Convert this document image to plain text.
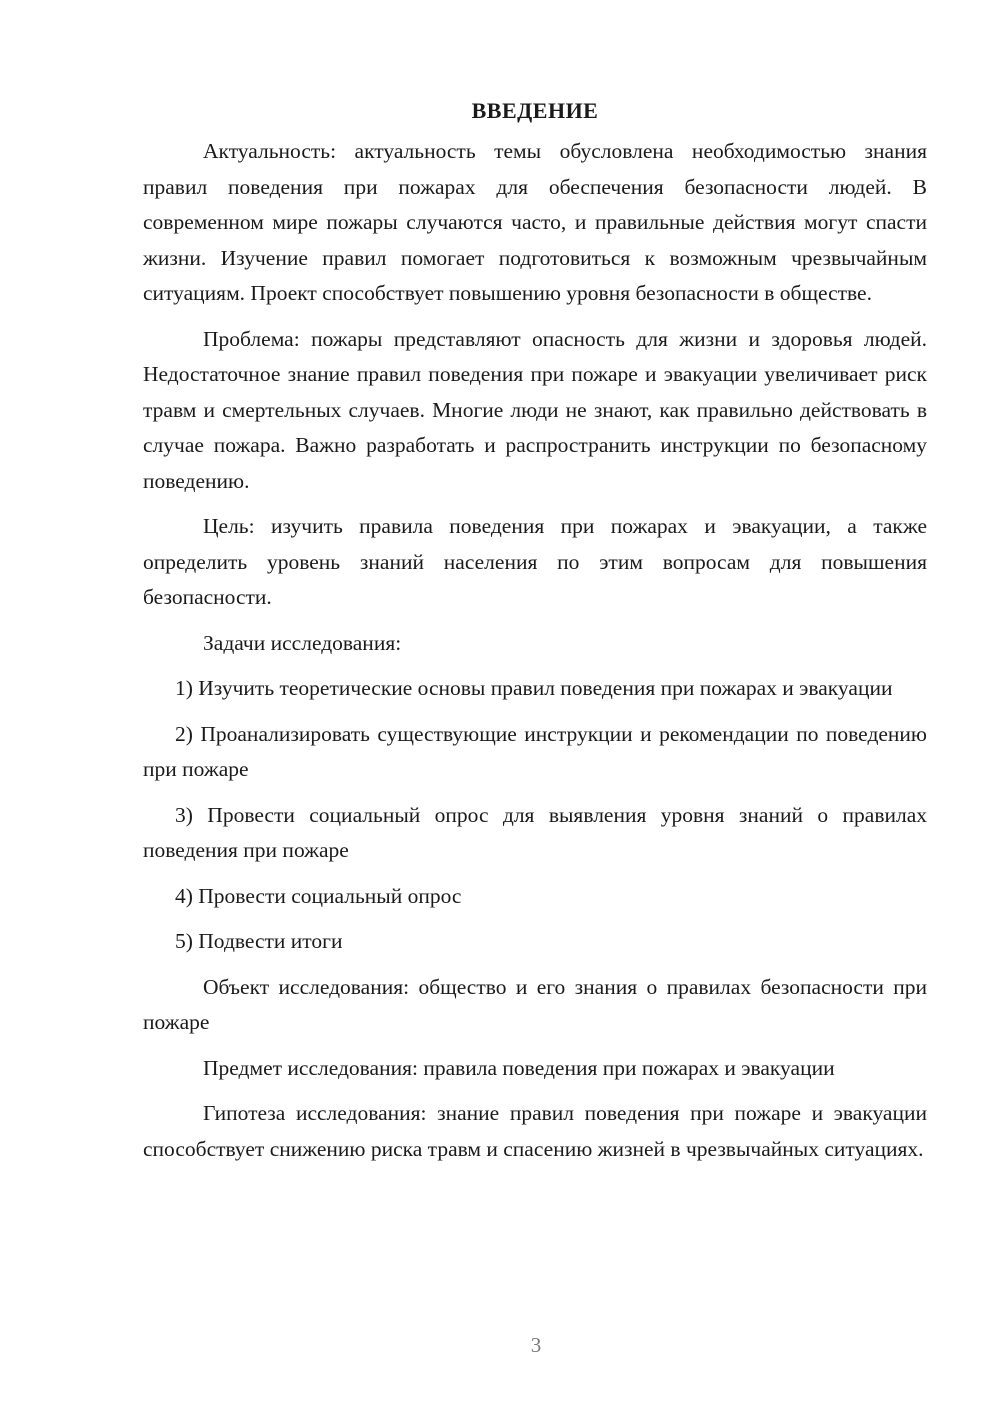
ВВЕДЕНИЕ

Актуальность: актуальность темы обусловлена необходимостью знания правил поведения при пожарах для обеспечения безопасности людей. В современном мире пожары случаются часто, и правильные действия могут спасти жизни. Изучение правил помогает подготовиться к возможным чрезвычайным ситуациям. Проект способствует повышению уровня безопасности в обществе.

Проблема: пожары представляют опасность для жизни и здоровья людей. Недостаточное знание правил поведения при пожаре и эвакуации увеличивает риск травм и смертельных случаев. Многие люди не знают, как правильно действовать в случае пожара. Важно разработать и распространить инструкции по безопасному поведению.

Цель: изучить правила поведения при пожарах и эвакуации, а также определить уровень знаний населения по этим вопросам для повышения безопасности.

Задачи исследования:

1) Изучить теоретические основы правил поведения при пожарах и эвакуации

2) Проанализировать существующие инструкции и рекомендации по поведению при пожаре

3) Провести социальный опрос для выявления уровня знаний о правилах поведения при пожаре

4) Провести социальный опрос

5) Подвести итоги

Объект исследования: общество и его знания о правилах безопасности при пожаре

Предмет исследования: правила поведения при пожарах и эвакуации

Гипотеза исследования: знание правил поведения при пожаре и эвакуации способствует снижению риска травм и спасению жизней в чрезвычайных ситуациях.

3
